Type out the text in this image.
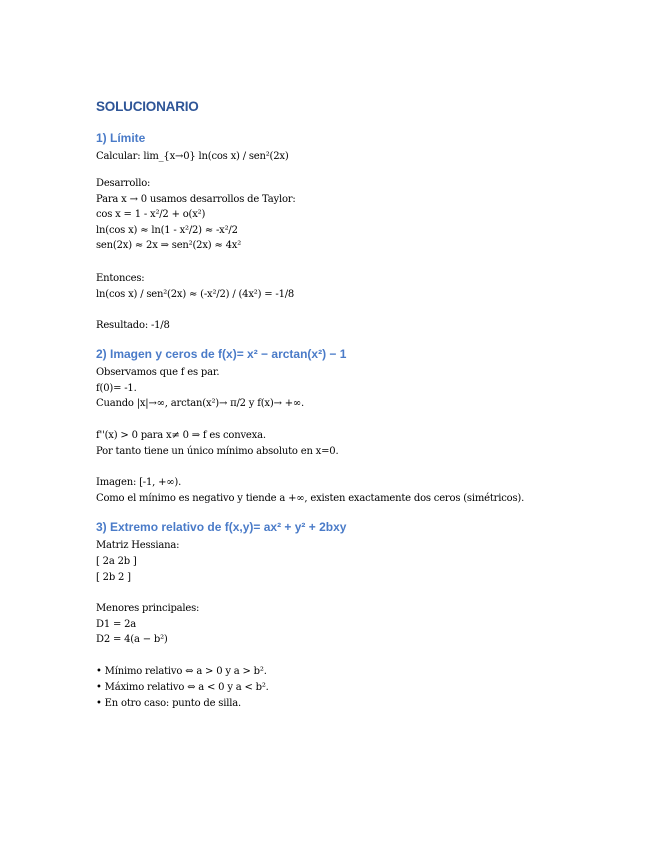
SOLUCIONARIO
1) Límite
Calcular: lim_{x→0} ln(cos x) / sen²(2x)
Desarrollo:
Para x → 0 usamos desarrollos de Taylor:
cos x = 1 - x²/2 + o(x²)
ln(cos x) ≈ ln(1 - x²/2) ≈ -x²/2
sen(2x) ≈ 2x ⇒ sen²(2x) ≈ 4x²
Entonces:
ln(cos x) / sen²(2x) ≈ (-x²/2) / (4x²) = -1/8
Resultado: -1/8
2) Imagen y ceros de f(x)= x² − arctan(x²) − 1
Observamos que f es par.
f(0)= -1.
Cuando |x|→∞, arctan(x²)→ π/2 y f(x)→ +∞.
f''(x) > 0 para x≠ 0 ⇒ f es convexa.
Por tanto tiene un único mínimo absoluto en x=0.
Imagen: [-1, +∞).
Como el mínimo es negativo y tiende a +∞, existen exactamente dos ceros (simétricos).
3) Extremo relativo de f(x,y)= ax² + y² + 2bxy
Matriz Hessiana:
[ 2a 2b ]
[ 2b 2 ]
Menores principales:
D1 = 2a
D2 = 4(a − b²)
• Mínimo relativo ⇔ a > 0 y a > b².
• Máximo relativo ⇔ a < 0 y a < b².
• En otro caso: punto de silla.
